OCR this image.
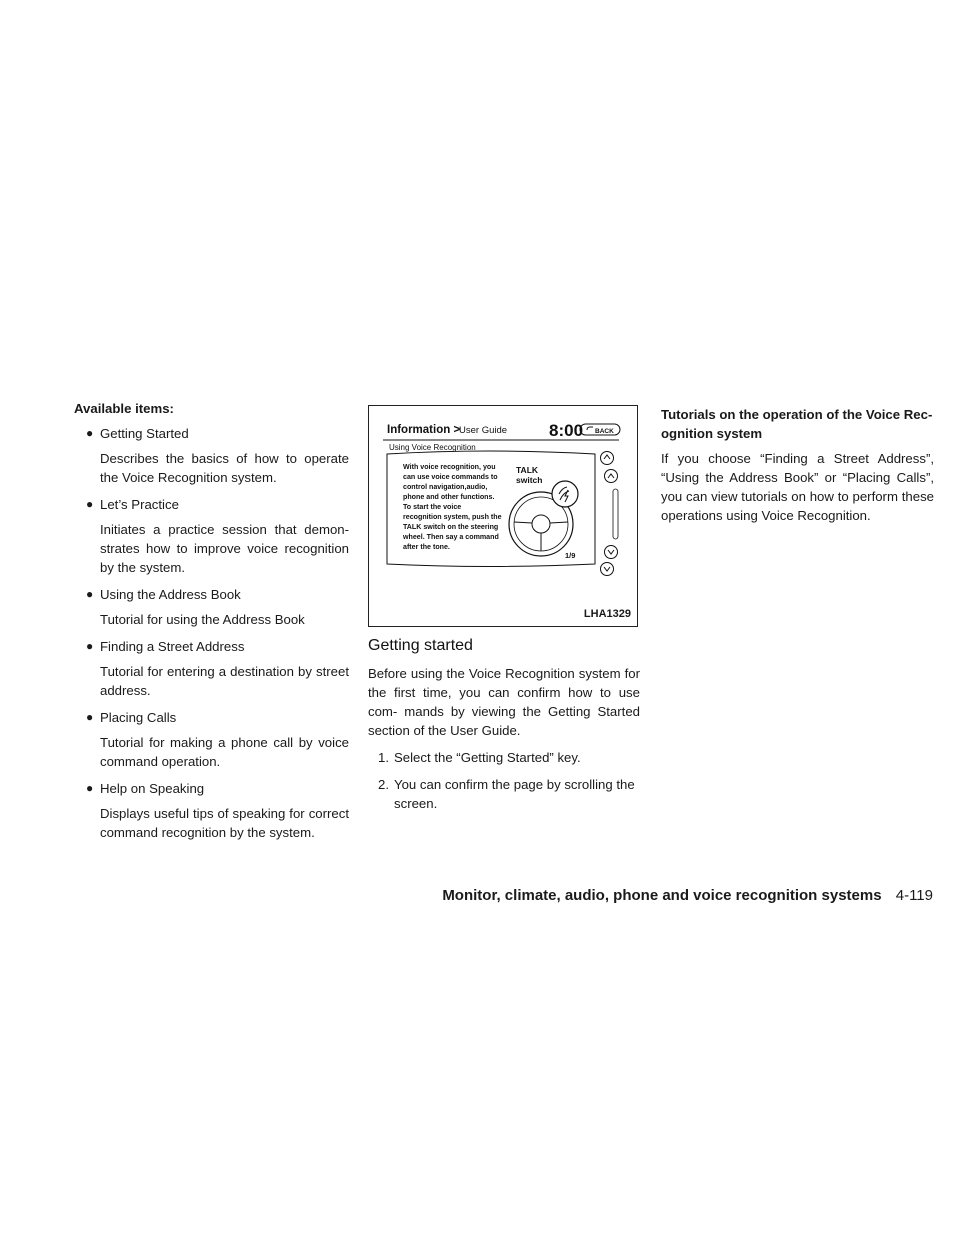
Available items:
● Getting Started
Describes the basics of how to operate the Voice Recognition system.
● Let’s Practice
Initiates a practice session that demon- strates how to improve voice recognition by the system.
● Using the Address Book
Tutorial for using the Address Book
● Finding a Street Address
Tutorial for entering a destination by street address.
● Placing Calls
Tutorial for making a phone call by voice command operation.
● Help on Speaking
Displays useful tips of speaking for correct command recognition by the system.
Information >
User Guide 8:00 BACK
Using Voice Recognition
With voice recognition, you
can use voice commands to
control navigation,audio,
phone and other functions.
To start the voice
recognition system, push the
TALK switch on the steering
wheel. Then say a command
after the tone.
TALK
switch
1/9
LHA1329
Getting started

Before using the Voice Recognition system for the first time, you can confirm how to use com- mands by viewing the Getting Started section of the User Guide.

1. Select the “Getting Started” key.
2. You can confirm the page by scrolling the screen.
Tutorials on the operation of the Voice Rec- ognition system

If you choose “Finding a Street Address”, “Using the Address Book” or “Placing Calls”, you can view tutorials on how to perform these operations using Voice Recognition.

Monitor, climate, audio, phone and voice recognition systems 4-119
